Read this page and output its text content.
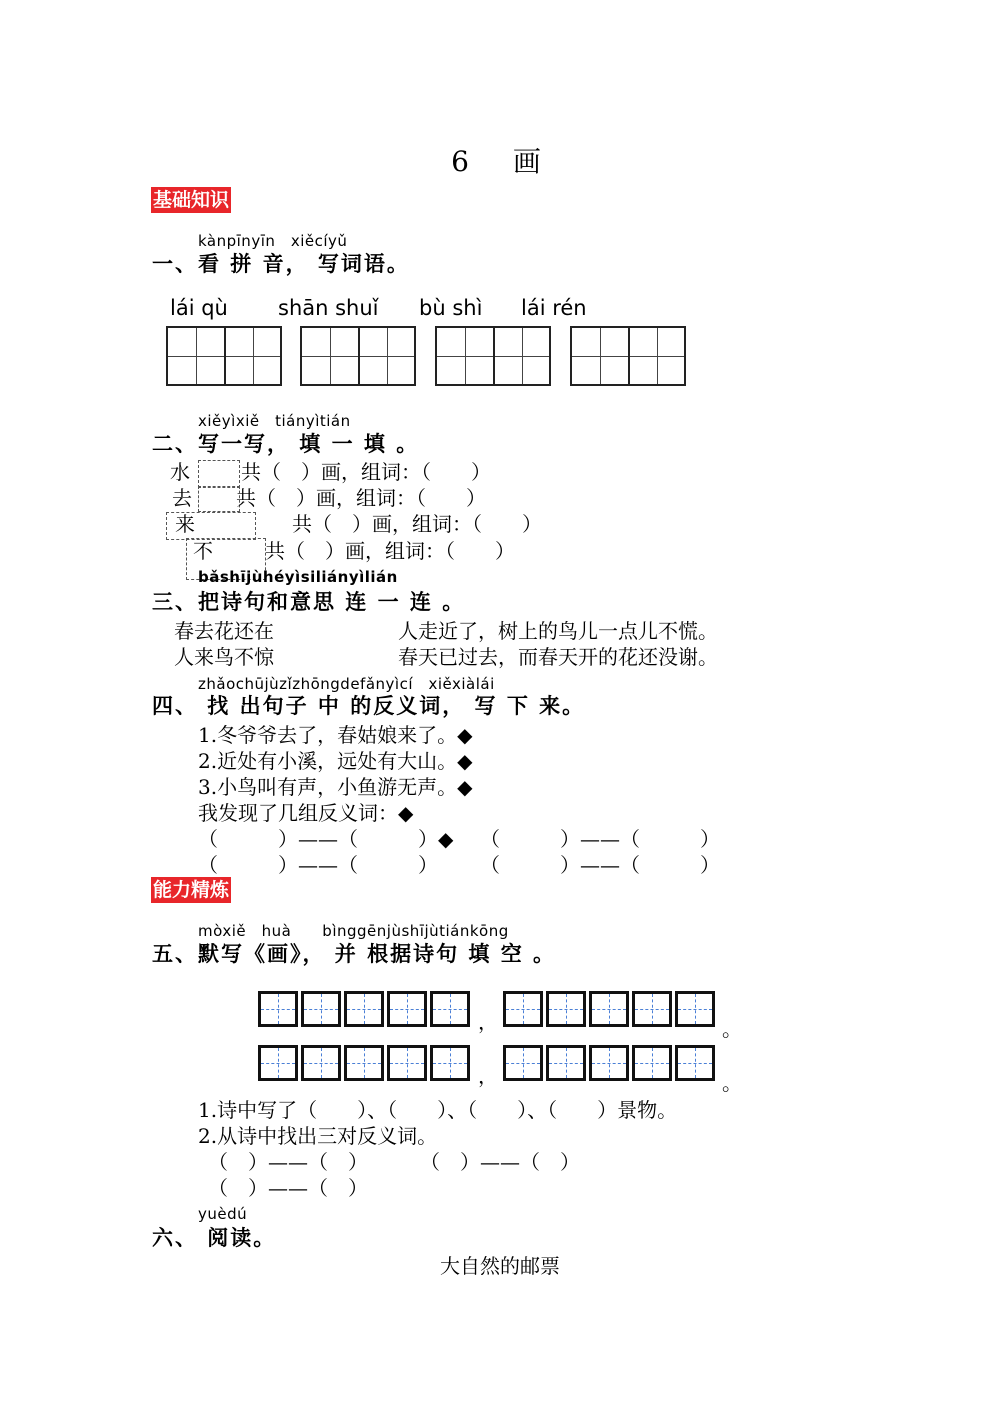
6　画
基础知识
kànpīnyīn　xiěcíyǔ
一、看 拼 音， 写词语。
lái qù shān shuǐ bù shì lái rén
xiěyìxiě　tiányìtián
二、写一写， 填 一 填 。
水	共（　）画，组词：（　　）
去 共（　）画，组词：（　　）
来	共（　）画，组词：（　　）
不	共（　）画，组词：（　　）
bǎshījùhéyìsiliányìlián
三、把诗句和意思 连 一 连 。
春去花还在
人来鸟不惊
人走近了，树上的鸟儿一点儿不慌。
春天已过去，而春天开的花还没谢。
zhǎochūjùzǐzhōngdefǎnyìcí　xiěxiàlái
四、 找 出句子 中 的反义词， 写 下 来。
1.冬爷爷去了，春姑娘来了。◆
2.近处有小溪，远处有大山。◆
3.小鸟叫有声，小鱼游无声。◆
我发现了几组反义词：◆
（　　　）——（　　　）◆ （　　　）——（　　　）
（　　　）——（　　　） （　　　）——（　　　）
能力精炼
mòxiě　huà　　bìnggēnjùshījùtiánkōng
五、默写《画》， 并 根据诗句 填 空 。
，	。
，	。
1.诗中写了（　　）、（　　）、（　　）、（　　）景物。
2.从诗中找出三对反义词。
（　）——（　）	（　）——（　）
（　）——（　）
yuèdú
六、 阅读。
大自然的邮票
